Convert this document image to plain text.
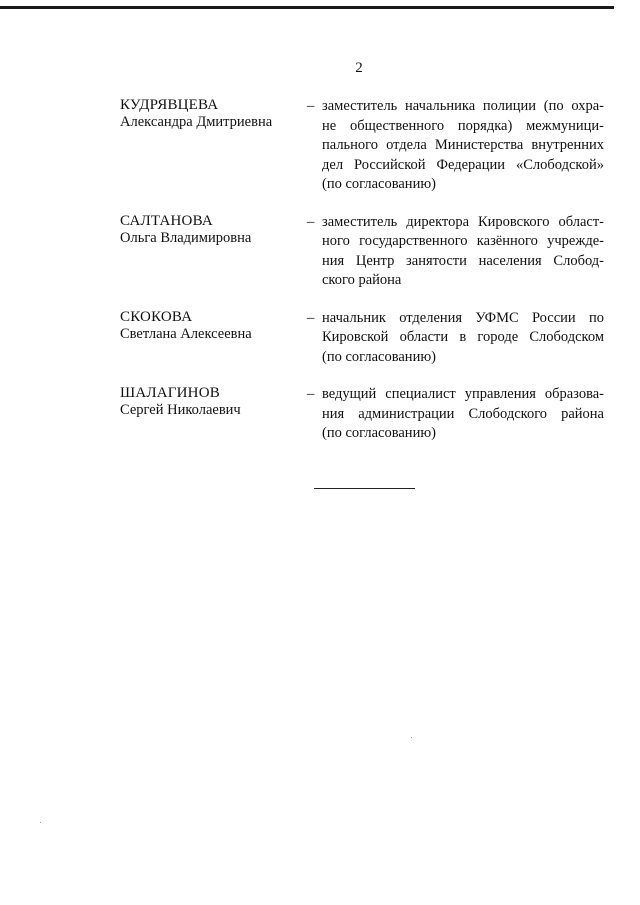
2
КУДРЯВЦЕВА
Александра Дмитриевна
– заместитель начальника полиции (по охра-
не общественного порядка) межмуници-
пального отдела Министерства внутренних
дел Российской Федерации «Слободской»
(по согласованию)
САЛТАНОВА
Ольга Владимировна
– заместитель директора Кировского област-
ного государственного казённого учрежде-
ния Центр занятости населения Слобод-
ского района
СКОКОВА
Светлана Алексеевна
– начальник отделения УФМС России по
Кировской области в городе Слободском
(по согласованию)
ШАЛАГИНОВ
Сергей Николаевич
– ведущий специалист управления образова-
ния администрации Слободского района
(по согласованию)
